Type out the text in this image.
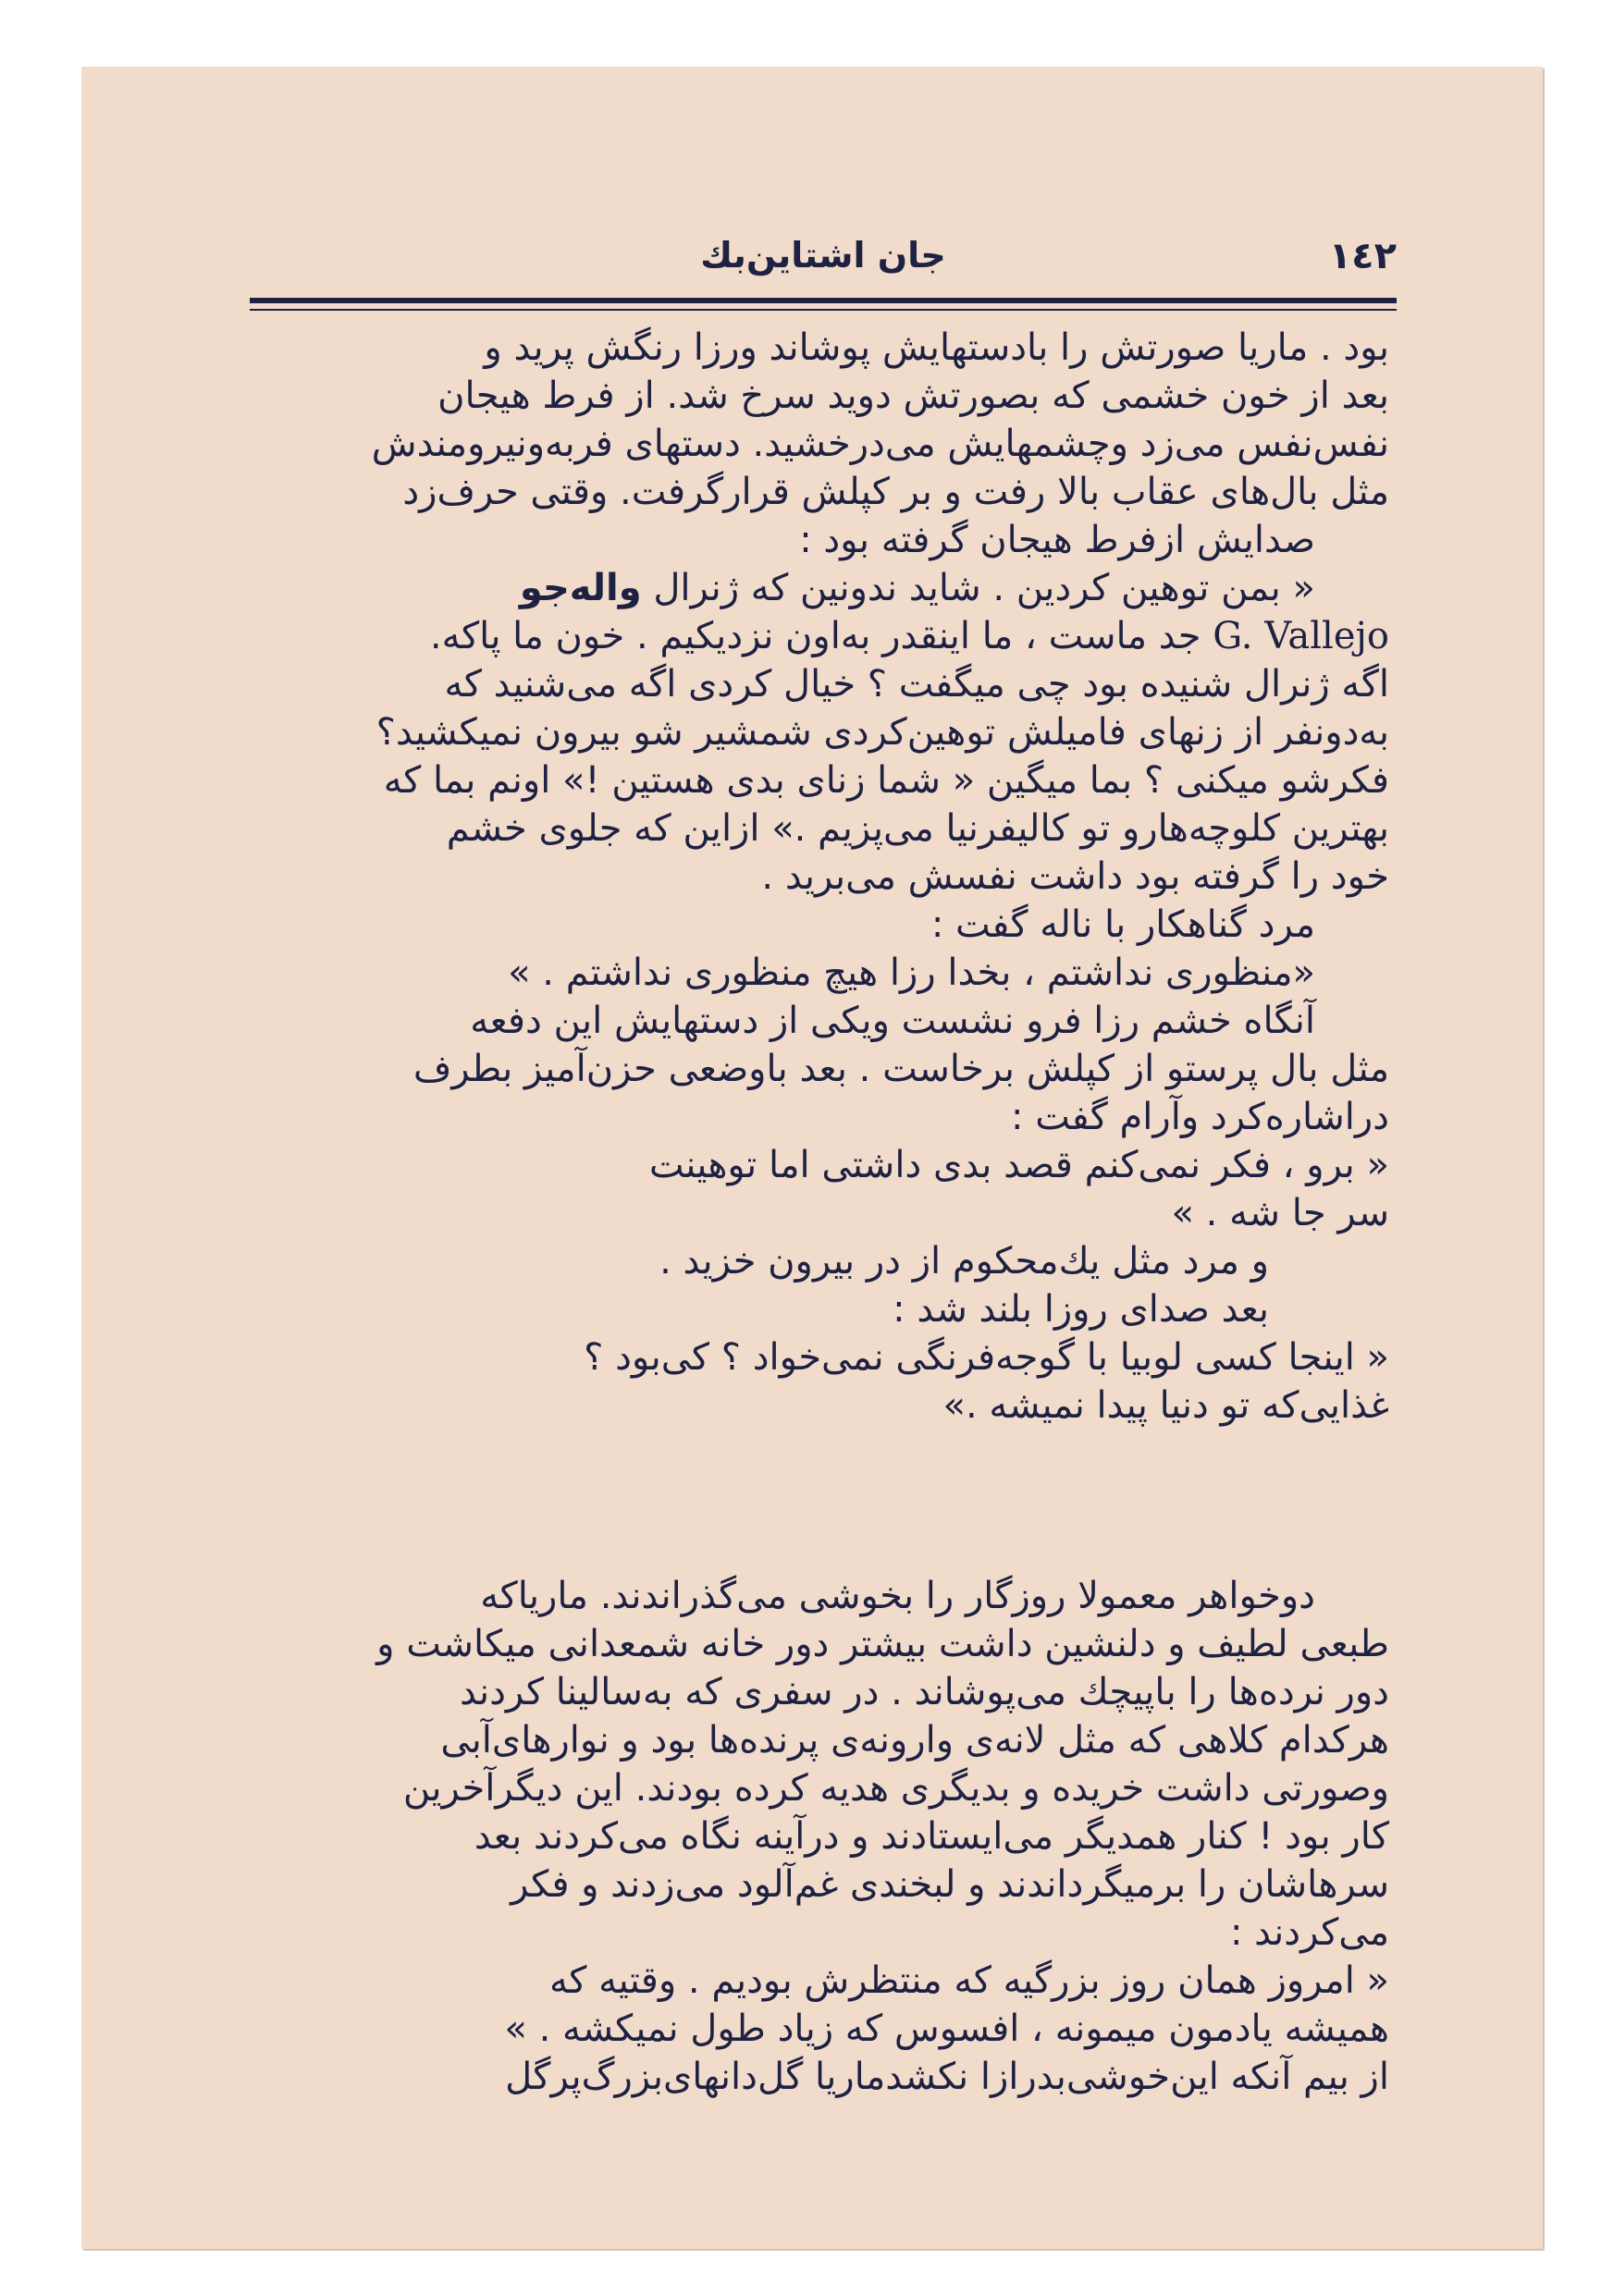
١٤٢
جان اشتاین‌بك

بود . ماریا صورتش را بادستهایش پوشاند ورزا رنگش پرید و

بعد از خون خشمی که بصورتش دوید سرخ شد. از فرط هیجان

نفس‌نفس می‌زد وچشمهایش می‌درخشید. دستهای فربه‌ونیرومندش

مثل بال‌های عقاب بالا رفت و بر کپلش قرارگرفت. وقتی حرف‌زد

صدایش ازفرط هیجان گرفته بود :

« بمن توهین کردین . شاید ندونین که ژنرال واله‌جو

G. Vallejo جد ماست ، ما اینقدر به‌اون نزدیکیم . خون ما پاکه.

اگه ژنرال شنیده بود چی میگفت ؟ خیال کردی اگه می‌شنید که

به‌دونفر از زنهای فامیلش توهین‌کردی شمشیر شو بیرون نمیکشید؟

فکرشو میکنی ؟ بما میگین « شما زنای بدی هستین !» اونم بما که

بهترین کلوچه‌هارو تو کالیفرنیا می‌پزیم .» ازاین که جلوی خشم

خود را گرفته بود داشت نفسش می‌برید .

مرد گناهکار با ناله گفت :

«منظوری نداشتم ، بخدا رزا هیچ منظوری نداشتم . »

آنگاه خشم رزا فرو نشست ویکی از دستهایش این دفعه

مثل بال پرستو از کپلش برخاست . بعد باوضعی حزن‌آمیز بطرف

دراشاره‌کرد وآرام گفت :

« برو ، فکر نمی‌کنم قصد بدی داشتی اما توهینت

سر جا شه . »

و مرد مثل یك‌محکوم از در بیرون خزید .

بعد صدای روزا بلند شد :

« اینجا کسی لوبیا با گوجه‌فرنگی نمی‌خواد ؟ کی‌بود ؟

غذایی‌که تو دنیا پیدا نمیشه .»

دوخواهر معمولا روزگار را بخوشی می‌گذراندند. ماریاکه

طبعی لطیف و دلنشین داشت بیشتر دور خانه شمعدانی میکاشت و

دور نرده‌ها را باپیچك می‌پوشاند . در سفری که به‌سالینا کردند

هرکدام کلاهی که مثل لانه‌ی وارونه‌ی پرنده‌ها بود و نوارهای‌آبی

وصورتی داشت خریده و بدیگری هدیه کرده بودند. این دیگرآخرین

کار بود ! کنار همدیگر می‌ایستادند و درآینه نگاه می‌کردند بعد

سرهاشان را برمیگرداندند و لبخندی غم‌آلود می‌زدند و فکر

می‌کردند :

« امروز همان روز بزرگیه که منتظرش بودیم . وقتیه که

همیشه یادمون میمونه ، افسوس که زیاد طول نمیکشه . »

از بیم آنکه این‌خوشی‌بدرازا نکشدماریا گل‌دانهای‌بزرگ‌پرگل
